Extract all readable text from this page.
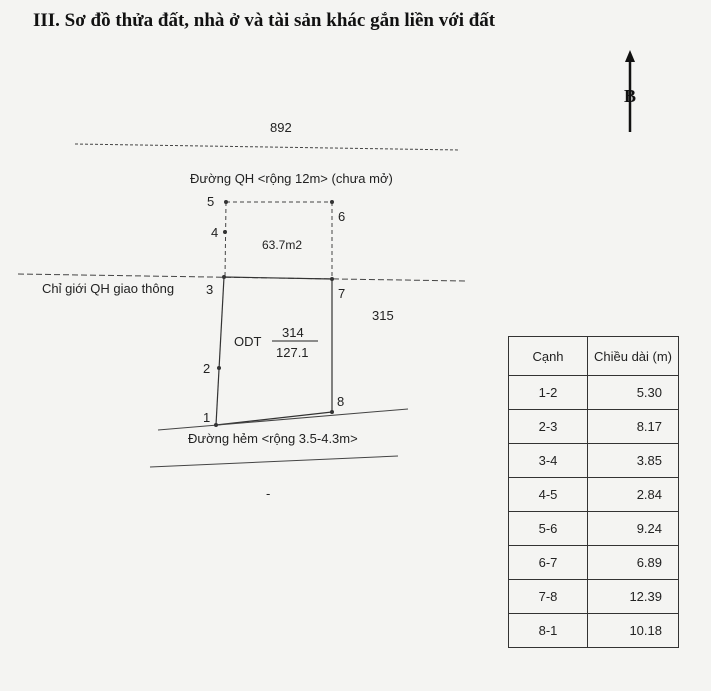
III. Sơ đồ thửa đất, nhà ở và tài sản khác gắn liền với đất
B
892
Đường QH <rộng 12m> (chưa mở)
5
6
4
63.7m2
Chỉ giới QH giao thông 3	7
315
ODT
314
127.1
2
8
1
Đường hẻm <rộng 3.5-4.3m>
-
Cạnh	Chiều dài (m)
1-2	5.30
2-3	8.17
3-4	3.85
4-5	2.84
5-6	9.24
6-7	6.89
7-8	12.39
8-1	10.18
